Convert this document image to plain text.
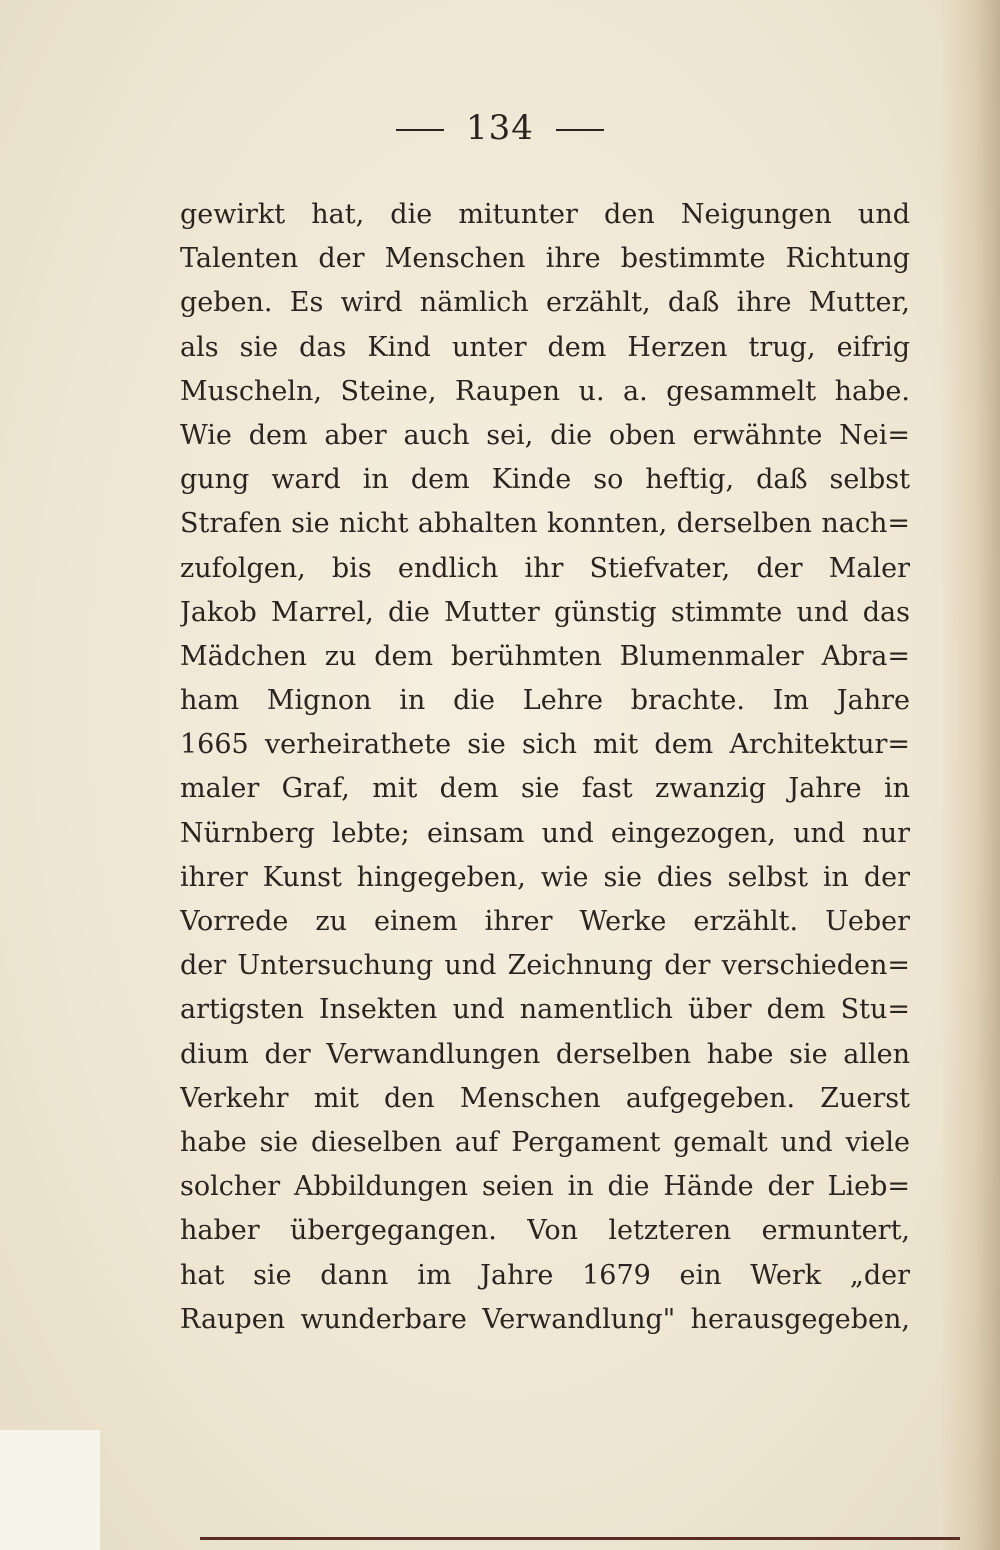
134
gewirkt hat, die mitunter den Neigungen und
Talenten der Menschen ihre bestimmte Richtung
geben. Es wird nämlich erzählt, daß ihre Mutter,
als sie das Kind unter dem Herzen trug, eifrig
Muscheln, Steine, Raupen u. a. gesammelt habe.
Wie dem aber auch sei, die oben erwähnte Nei=
gung ward in dem Kinde so heftig, daß selbst
Strafen sie nicht abhalten konnten, derselben nach=
zufolgen, bis endlich ihr Stiefvater, der Maler
Jakob Marrel, die Mutter günstig stimmte und das
Mädchen zu dem berühmten Blumenmaler Abra=
ham Mignon in die Lehre brachte. Im Jahre
1665 verheirathete sie sich mit dem Architektur=
maler Graf, mit dem sie fast zwanzig Jahre in
Nürnberg lebte; einsam und eingezogen, und nur
ihrer Kunst hingegeben, wie sie dies selbst in der
Vorrede zu einem ihrer Werke erzählt. Ueber
der Untersuchung und Zeichnung der verschieden=
artigsten Insekten und namentlich über dem Stu=
dium der Verwandlungen derselben habe sie allen
Verkehr mit den Menschen aufgegeben. Zuerst
habe sie dieselben auf Pergament gemalt und viele
solcher Abbildungen seien in die Hände der Lieb=
haber übergegangen. Von letzteren ermuntert,
hat sie dann im Jahre 1679 ein Werk „der
Raupen wunderbare Verwandlung" herausgegeben,
